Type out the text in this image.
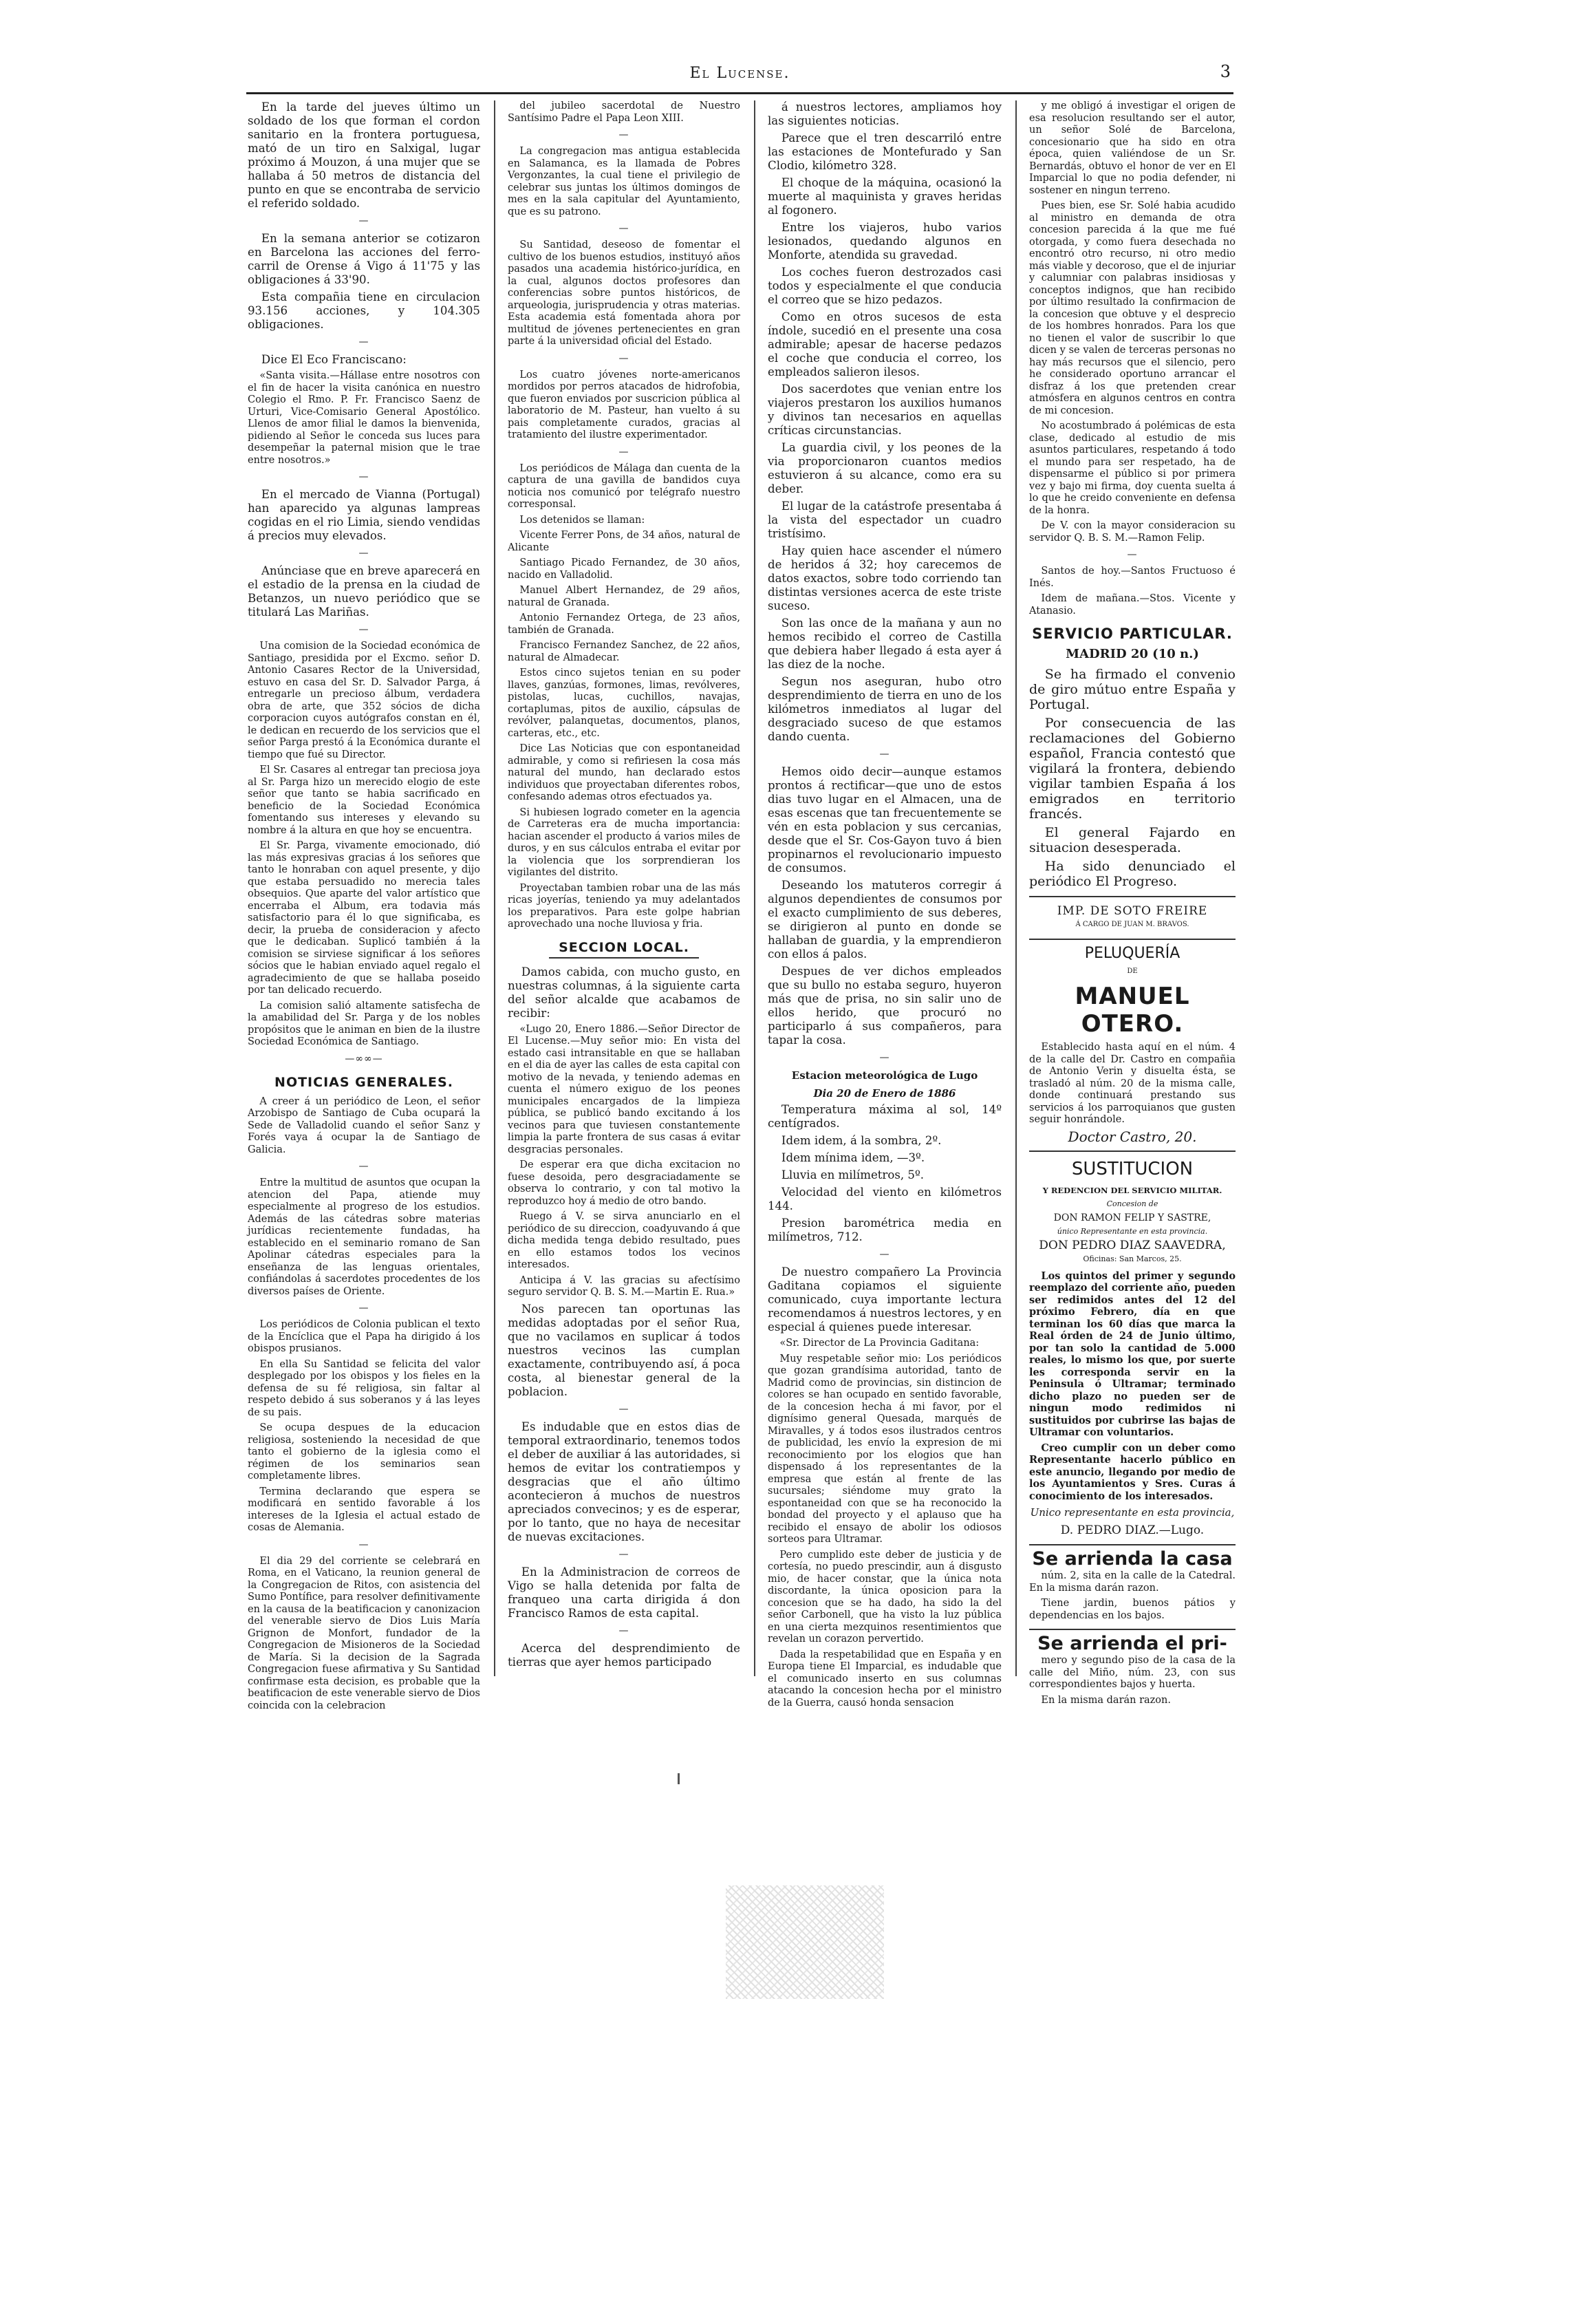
El Lucense.	3

En la tarde del jueves último un soldado de los que forman el cordon sanitario en la frontera portuguesa, mató de un tiro en Salxigal, lugar próximo á Mouzon, á una mujer que se hallaba á 50 metros de distancia del punto en que se encontraba de servicio el referido soldado.

—

En la semana anterior se cotizaron en Barcelona las acciones del ferro-carril de Orense á Vigo á 11'75 y las obligaciones á 33'90.

Esta compañia tiene en circulacion 93.156 acciones, y 104.305 obligaciones.

—

Dice El Eco Franciscano:

«Santa visita.—Hállase entre nosotros con el fin de hacer la visita canónica en nuestro Colegio el Rmo. P. Fr. Francisco Saenz de Urturi, Vice-Comisario General Apostólico. Llenos de amor filial le damos la bienvenida, pidiendo al Señor le conceda sus luces para desempeñar la paternal mision que le trae entre nosotros.»

—

En el mercado de Vianna (Portugal) han aparecido ya algunas lampreas cogidas en el rio Limia, siendo vendidas á precios muy elevados.

—

Anúnciase que en breve aparecerá en el estadio de la prensa en la ciudad de Betanzos, un nuevo periódico que se titulará Las Mariñas.

—

Una comision de la Sociedad económica de Santiago, presidida por el Excmo. señor D. Antonio Casares Rector de la Universidad, estuvo en casa del Sr. D. Salvador Parga, á entregarle un precioso álbum, verdadera obra de arte, que 352 sócios de dicha corporacion cuyos autógrafos constan en él, le dedican en recuerdo de los servicios que el señor Parga prestó á la Económica durante el tiempo que fué su Director.

El Sr. Casares al entregar tan preciosa joya al Sr. Parga hizo un merecido elogio de este señor que tanto se habia sacrificado en beneficio de la Sociedad Económica fomentando sus intereses y elevando su nombre á la altura en que hoy se encuentra.

El Sr. Parga, vivamente emocionado, dió las más expresivas gracias á los señores que tanto le honraban con aquel presente, y dijo que estaba persuadido no merecia tales obsequios. Que aparte del valor artístico que encerraba el Album, era todavia más satisfactorio para él lo que significaba, es decir, la prueba de consideracion y afecto que le dedicaban. Suplicó también á la comision se sirviese significar á los señores sócios que le habian enviado aquel regalo el agradecimiento de que se hallaba poseido por tan delicado recuerdo.

La comision salió altamente satisfecha de la amabilidad del Sr. Parga y de los nobles propósitos que le animan en bien de la ilustre Sociedad Económica de Santiago.

—∞∞—
NOTICIAS GENERALES.

A creer á un periódico de Leon, el señor Arzobispo de Santiago de Cuba ocupará la Sede de Valladolid cuando el señor Sanz y Forés vaya á ocupar la de Santiago de Galicia.

—

Entre la multitud de asuntos que ocupan la atencion del Papa, atiende muy especialmente al progreso de los estudios. Además de las cátedras sobre materias jurídicas recientemente fundadas, ha establecido en el seminario romano de San Apolinar cátedras especiales para la enseñanza de las lenguas orientales, confiándolas á sacerdotes procedentes de los diversos países de Oriente.

—

Los periódicos de Colonia publican el texto de la Encíclica que el Papa ha dirigido á los obispos prusianos.

En ella Su Santidad se felicita del valor desplegado por los obispos y los fieles en la defensa de su fé religiosa, sin faltar al respeto debido á sus soberanos y á las leyes de su pais.

Se ocupa despues de la educacion religiosa, sosteniendo la necesidad de que tanto el gobierno de la iglesia como el régimen de los seminarios sean completamente libres.

Termina declarando que espera se modificará en sentido favorable á los intereses de la Iglesia el actual estado de cosas de Alemania.

—

El dia 29 del corriente se celebrará en Roma, en el Vaticano, la reunion general de la Congregacion de Ritos, con asistencia del Sumo Pontífice, para resolver definitivamente en la causa de la beatificacion y canonizacion del venerable siervo de Dios Luis María Grignon de Monfort, fundador de la Congregacion de Misioneros de la Sociedad de María. Si la decision de la Sagrada Congregacion fuese afirmativa y Su Santidad confirmase esta decision, es probable que la beatificacion de este venerable siervo de Dios coincida con la celebracion

del jubileo sacerdotal de Nuestro Santísimo Padre el Papa Leon XIII.

—

La congregacion mas antigua establecida en Salamanca, es la llamada de Pobres Vergonzantes, la cual tiene el privilegio de celebrar sus juntas los últimos domingos de mes en la sala capitular del Ayuntamiento, que es su patrono.

—

Su Santidad, deseoso de fomentar el cultivo de los buenos estudios, instituyó años pasados una academia histórico-jurídica, en la cual, algunos doctos profesores dan conferencias sobre puntos históricos, de arqueologia, jurisprudencia y otras materias. Esta academia está fomentada ahora por multitud de jóvenes pertenecientes en gran parte á la universidad oficial del Estado.

—

Los cuatro jóvenes norte-americanos mordidos por perros atacados de hidrofobia, que fueron enviados por suscricion pública al laboratorio de M. Pasteur, han vuelto á su pais completamente curados, gracias al tratamiento del ilustre experimentador.

—

Los periódicos de Málaga dan cuenta de la captura de una gavilla de bandidos cuya noticia nos comunicó por telégrafo nuestro corresponsal.

Los detenidos se llaman:

Vicente Ferrer Pons, de 34 años, natural de Alicante

Santiago Picado Fernandez, de 30 años, nacido en Valladolid.

Manuel Albert Hernandez, de 29 años, natural de Granada.

Antonio Fernandez Ortega, de 23 años, también de Granada.

Francisco Fernandez Sanchez, de 22 años, natural de Almadecar.

Estos cinco sujetos tenian en su poder llaves, ganzúas, formones, limas, revólveres, pistolas, lucas, cuchillos, navajas, cortaplumas, pitos de auxilio, cápsulas de revólver, palanquetas, documentos, planos, carteras, etc., etc.

Dice Las Noticias que con espontaneidad admirable, y como si refiriesen la cosa más natural del mundo, han declarado estos individuos que proyectaban diferentes robos, confesando ademas otros efectuados ya.

Si hubiesen logrado cometer en la agencia de Carreteras era de mucha importancia: hacian ascender el producto á varios miles de duros, y en sus cálculos entraba el evitar por la violencia que los sorprendieran los vigilantes del distrito.

Proyectaban tambien robar una de las más ricas joyerías, teniendo ya muy adelantados los preparativos. Para este golpe habrian aprovechado una noche lluviosa y fria.

SECCION LOCAL.

Damos cabida, con mucho gusto, en nuestras columnas, á la siguiente carta del señor alcalde que acabamos de recibir:

«Lugo 20, Enero 1886.—Señor Director de El Lucense.—Muy señor mio: En vista del estado casi intransitable en que se hallaban en el dia de ayer las calles de esta capital con motivo de la nevada, y teniendo ademas en cuenta el número exiguo de los peones municipales encargados de la limpieza pública, se publicó bando excitando á los vecinos para que tuviesen constantemente limpia la parte frontera de sus casas á evitar desgracias personales.

De esperar era que dicha excitacion no fuese desoida, pero desgraciadamente se observa lo contrario, y con tal motivo la reproduzco hoy á medio de otro bando.

Ruego á V. se sirva anunciarlo en el periódico de su direccion, coadyuvando á que dicha medida tenga debido resultado, pues en ello estamos todos los vecinos interesados.

Anticipa á V. las gracias su afectísimo seguro servidor Q. B. S. M.—Martin E. Rua.»

Nos parecen tan oportunas las medidas adoptadas por el señor Rua, que no vacilamos en suplicar á todos nuestros vecinos las cumplan exactamente, contribuyendo así, á poca costa, al bienestar general de la poblacion.

—

Es indudable que en estos dias de temporal extraordinario, tenemos todos el deber de auxiliar á las autoridades, si hemos de evitar los contratiempos y desgracias que el año último acontecieron á muchos de nuestros apreciados convecinos; y es de esperar, por lo tanto, que no haya de necesitar de nuevas excitaciones.

—

En la Administracion de correos de Vigo se halla detenida por falta de franqueo una carta dirigida á don Francisco Ramos de esta capital.

—

Acerca del desprendimiento de tierras que ayer hemos participado

á nuestros lectores, ampliamos hoy las siguientes noticias.

Parece que el tren descarriló entre las estaciones de Montefurado y San Clodio, kilómetro 328.

El choque de la máquina, ocasionó la muerte al maquinista y graves heridas al fogonero.

Entre los viajeros, hubo varios lesionados, quedando algunos en Monforte, atendida su gravedad.

Los coches fueron destrozados casi todos y especialmente el que conducia el correo que se hizo pedazos.

Como en otros sucesos de esta índole, sucedió en el presente una cosa admirable; apesar de hacerse pedazos el coche que conducia el correo, los empleados salieron ilesos.

Dos sacerdotes que venian entre los viajeros prestaron los auxilios humanos y divinos tan necesarios en aquellas críticas circunstancias.

La guardia civil, y los peones de la via proporcionaron cuantos medios estuvieron á su alcance, como era su deber.

El lugar de la catástrofe presentaba á la vista del espectador un cuadro tristísimo.

Hay quien hace ascender el número de heridos á 32; hoy carecemos de datos exactos, sobre todo corriendo tan distintas versiones acerca de este triste suceso.

Son las once de la mañana y aun no hemos recibido el correo de Castilla que debiera haber llegado á esta ayer á las diez de la noche.

Segun nos aseguran, hubo otro desprendimiento de tierra en uno de los kilómetros inmediatos al lugar del desgraciado suceso de que estamos dando cuenta.

—

Hemos oido decir—aunque estamos prontos á rectificar—que uno de estos dias tuvo lugar en el Almacen, una de esas escenas que tan frecuentemente se vén en esta poblacion y sus cercanias, desde que el Sr. Cos-Gayon tuvo á bien propinarnos el revolucionario impuesto de consumos.

Deseando los matuteros corregir á algunos dependientes de consumos por el exacto cumplimiento de sus deberes, se dirigieron al punto en donde se hallaban de guardia, y la emprendieron con ellos á palos.

Despues de ver dichos empleados que su bullo no estaba seguro, huyeron más que de prisa, no sin salir uno de ellos herido, que procuró no participarlo á sus compañeros, para tapar la cosa.

—
Estacion meteorológica de Lugo
Dia 20 de Enero de 1886

Temperatura máxima al sol, 14º centígrados.

Idem idem, á la sombra, 2º.

Idem mínima idem, —3º.

Lluvia en milímetros, 5º.

Velocidad del viento en kilómetros 144.

Presion barométrica media en milímetros, 712.

—

De nuestro compañero La Provincia Gaditana copiamos el siguiente comunicado, cuya importante lectura recomendamos á nuestros lectores, y en especial á quienes puede interesar.

«Sr. Director de La Provincia Gaditana:

Muy respetable señor mio: Los periódicos que gozan grandísima autoridad, tanto de Madrid como de provincias, sin distincion de colores se han ocupado en sentido favorable, de la concesion hecha á mi favor, por el dignísimo general Quesada, marqués de Miravalles, y á todos esos ilustrados centros de publicidad, les envío la expresion de mi reconocimiento por los elogios que han dispensado á los representantes de la empresa que están al frente de las sucursales; siéndome muy grato la espontaneidad con que se ha reconocido la bondad del proyecto y el aplauso que ha recibido el ensayo de abolir los odiosos sorteos para Ultramar.

Pero cumplido este deber de justicia y de cortesía, no puedo prescindir, aun á disgusto mio, de hacer constar, que la única nota discordante, la única oposicion para la concesion que se ha dado, ha sido la del señor Carbonell, que ha visto la luz pública en una cierta mezquinos resentimientos que revelan un corazon pervertido.

Dada la respetabilidad que en España y en Europa tiene El Imparcial, es indudable que el comunicado inserto en sus columnas atacando la concesion hecha por el ministro de la Guerra, causó honda sensacion

y me obligó á investigar el origen de esa resolucion resultando ser el autor, un señor Solé de Barcelona, concesionario que ha sido en otra época, quien valiéndose de un Sr. Bernardás, obtuvo el honor de ver en El Imparcial lo que no podia defender, ni sostener en ningun terreno.

Pues bien, ese Sr. Solé habia acudido al ministro en demanda de otra concesion parecida á la que me fué otorgada, y como fuera desechada no encontró otro recurso, ni otro medio más viable y decoroso, que el de injuriar y calumniar con palabras insidiosas y conceptos indignos, que han recibido por último resultado la confirmacion de la concesion que obtuve y el desprecio de los hombres honrados. Para los que no tienen el valor de suscribir lo que dicen y se valen de terceras personas no hay más recursos que el silencio, pero he considerado oportuno arrancar el disfraz á los que pretenden crear atmósfera en algunos centros en contra de mi concesion.

No acostumbrado á polémicas de esta clase, dedicado al estudio de mis asuntos particulares, respetando á todo el mundo para ser respetado, ha de dispensarme el público si por primera vez y bajo mi firma, doy cuenta suelta á lo que he creido conveniente en defensa de la honra.

De V. con la mayor consideracion su servidor Q. B. S. M.—Ramon Felip.

—

Santos de hoy.—Santos Fructuoso é Inés.

Idem de mañana.—Stos. Vicente y Atanasio.

SERVICIO PARTICULAR.
MADRID 20 (10 n.)

Se ha firmado el convenio de giro mútuo entre España y Portugal.

Por consecuencia de las reclamaciones del Gobierno español, Francia contestó que vigilará la frontera, debiendo vigilar tambien España á los emigrados en territorio francés.

El general Fajardo en situacion desesperada.

Ha sido denunciado el periódico El Progreso.

IMP. DE SOTO FREIRE
Á CARGO DE JUAN M. BRAVOS.
PELUQUERÍA
DE
MANUEL OTERO.

Establecido hasta aquí en el núm. 4 de la calle del Dr. Castro en compañia de Antonio Verin y disuelta ésta, se trasladó al núm. 20 de la misma calle, donde continuará prestando sus servicios á los parroquianos que gusten seguir honrándole.

Doctor Castro, 20.
SUSTITUCION
Y REDENCION DEL SERVICIO MILITAR.
Concesion de
DON RAMON FELIP Y SASTRE,
único Representante en esta provincia.
DON PEDRO DIAZ SAAVEDRA,
Oficinas: San Marcos, 25.

Los quintos del primer y segundo reemplazo del corriente año, pueden ser redimidos antes del 12 del próximo Febrero, día en que terminan los 60 días que marca la Real órden de 24 de Junio último, por tan solo la cantidad de 5.000 reales, lo mismo los que, por suerte les corresponda servir en la Peninsula ó Ultramar; terminado dicho plazo no pueden ser de ningun modo redimidos ni sustituidos por cubrirse las bajas de Ultramar con voluntarios.

Creo cumplir con un deber como Representante hacerlo público en este anuncio, llegando por medio de los Ayuntamientos y Sres. Curas á conocimiento de los interesados.

Unico representante en esta provincia,
D. PEDRO DIAZ.—Lugo.
Se arrienda la casa

núm. 2, sita en la calle de la Catedral. En la misma darán razon.

Tiene jardin, buenos pátios y dependencias en los bajos.

Se arrienda el pri-

mero y segundo piso de la casa de la calle del Miño, núm. 23, con sus correspondientes bajos y huerta.

En la misma darán razon.
